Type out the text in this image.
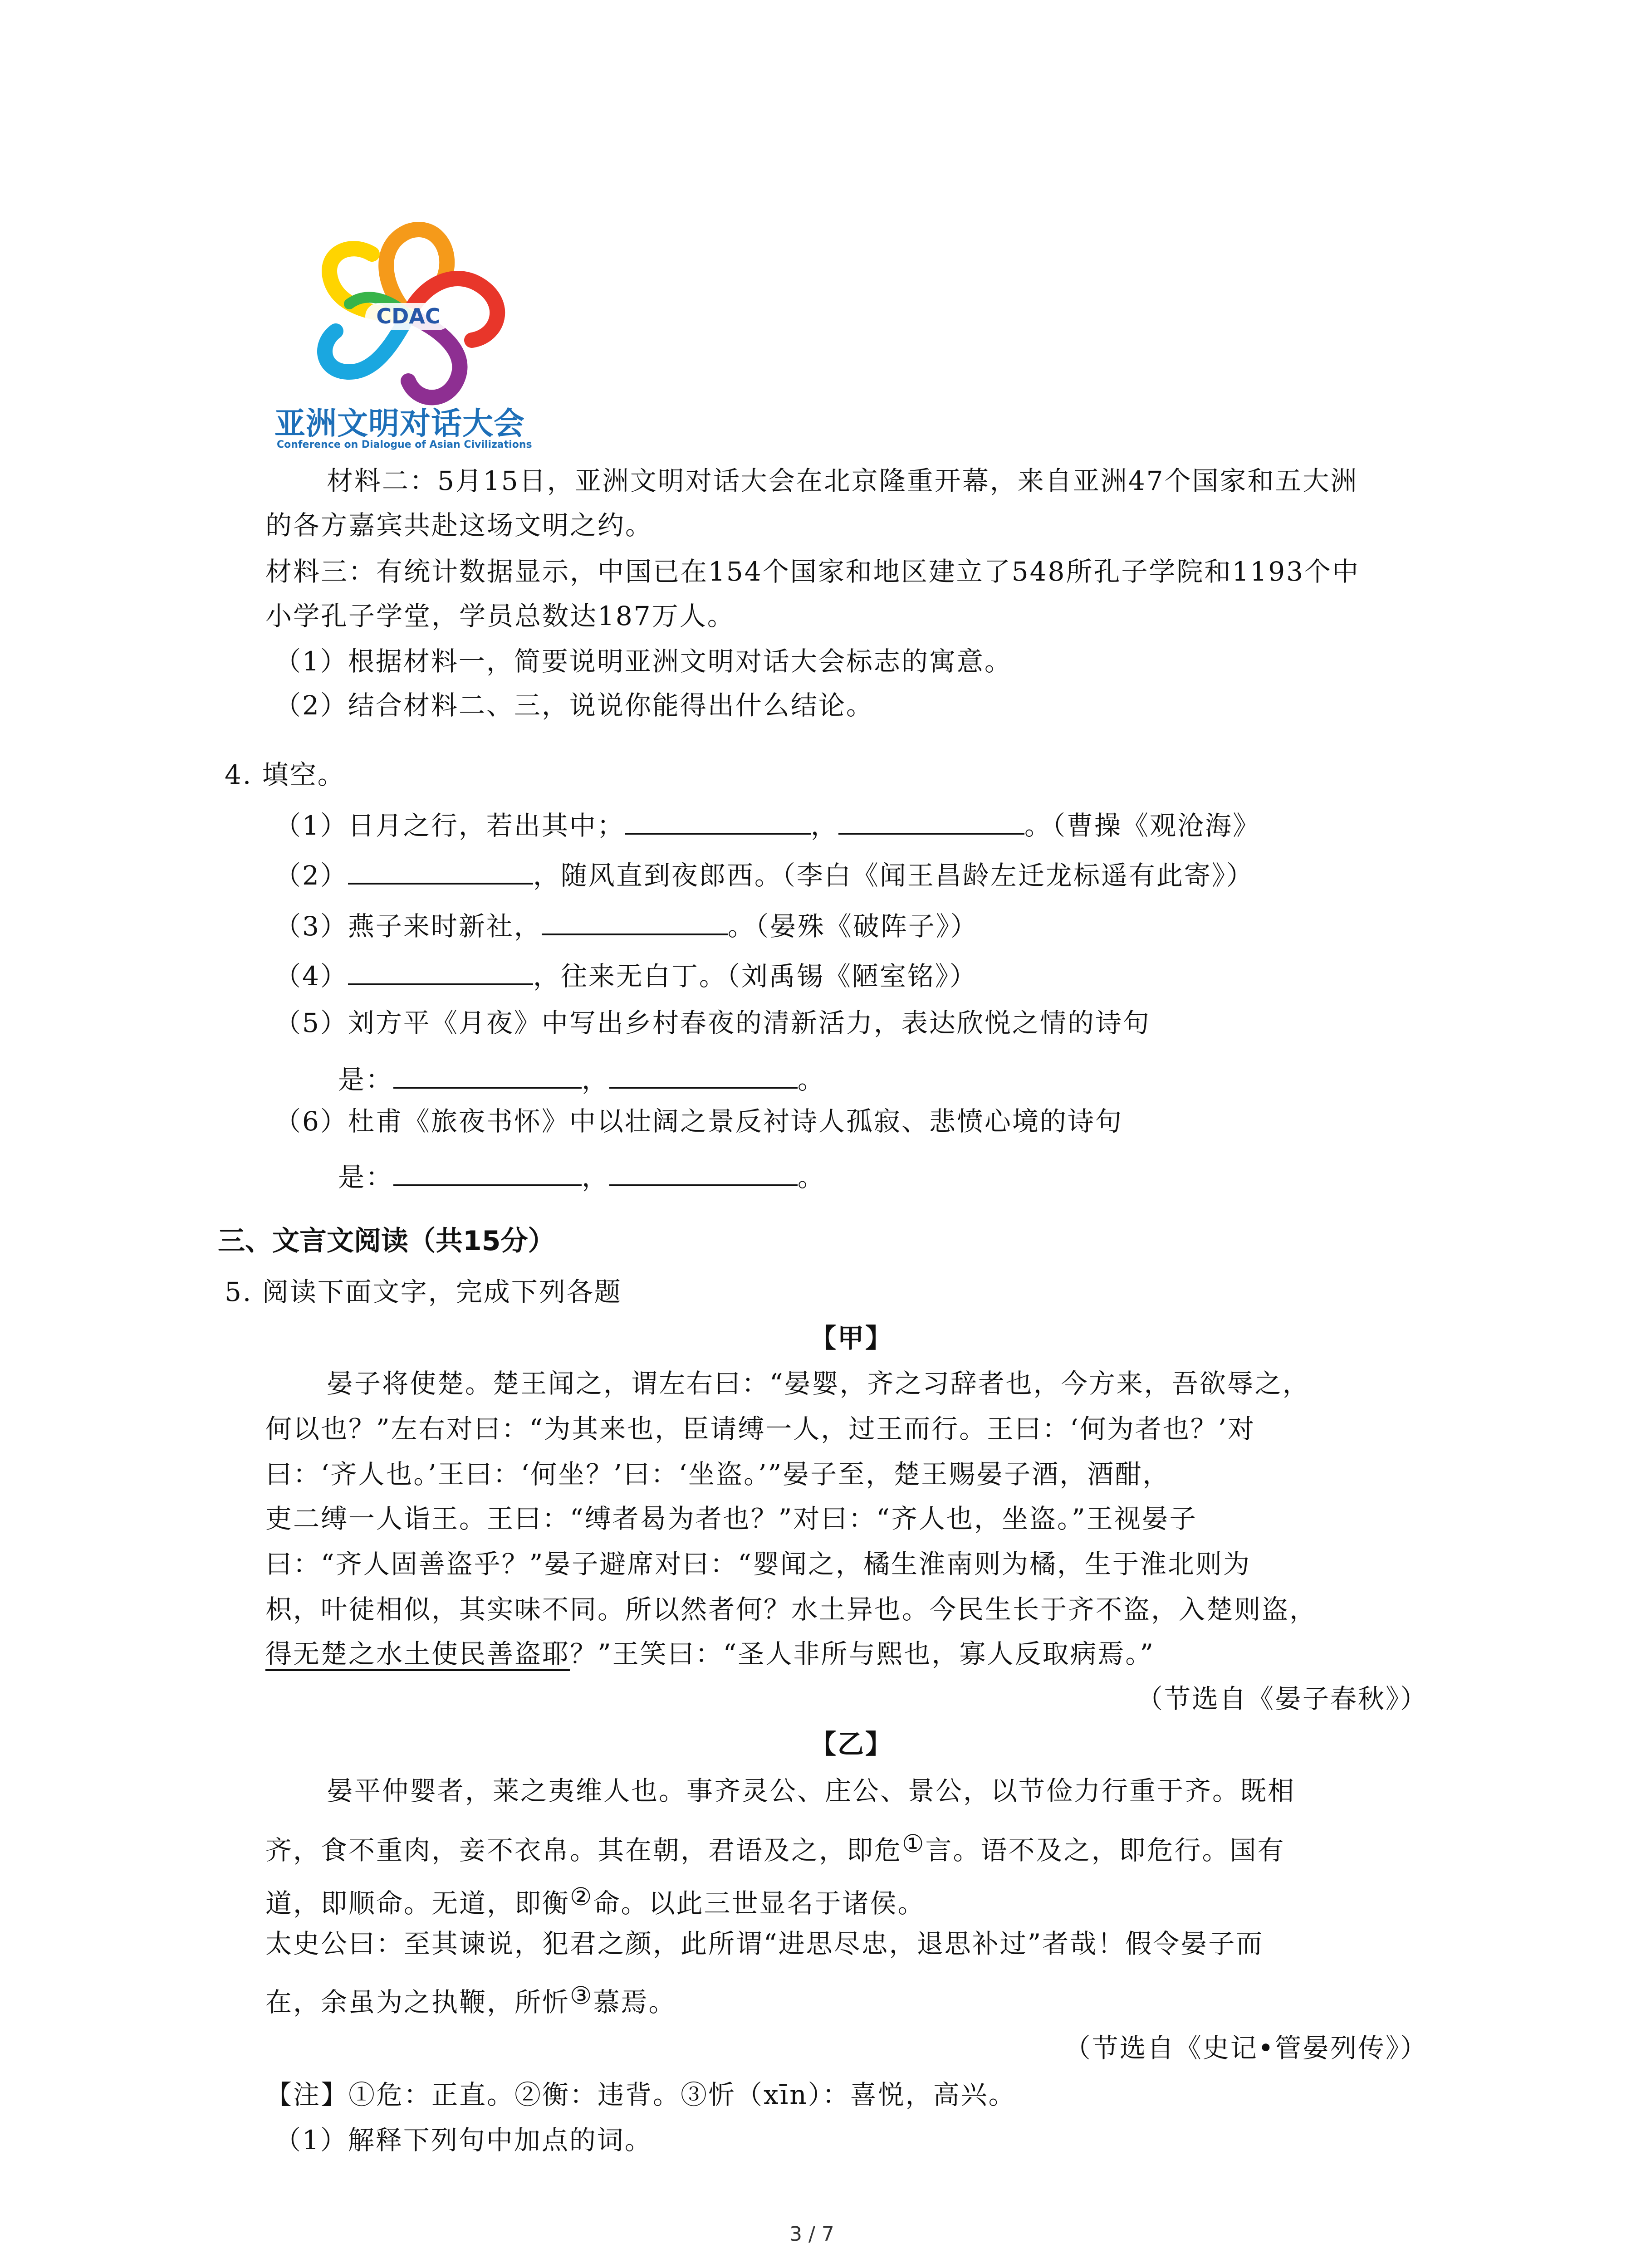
CDAC
亚洲文明对话大会
Conference on Dialogue of Asian Civilizations
材料二：5月15日，亚洲文明对话大会在北京隆重开幕，来自亚洲47个国家和五大洲
的各方嘉宾共赴这场文明之约。
材料三：有统计数据显示，中国已在154个国家和地区建立了548所孔子学院和1193个中
小学孔子学堂，学员总数达187万人。
（1）根据材料一，简要说明亚洲文明对话大会标志的寓意。
（2）结合材料二、三，说说你能得出什么结论。
4. 填空。
（1）日月之行，若出其中；	，	。（曹操《观沧海》
（2）	，随风直到夜郎西。（李白《闻王昌龄左迁龙标遥有此寄》）
（3）燕子来时新社，	。（晏殊《破阵子》）
（4）	，往来无白丁。（刘禹锡《陋室铭》）
（5）刘方平《月夜》中写出乡村春夜的清新活力，表达欣悦之情的诗句
是：	，	。
（6）杜甫《旅夜书怀》中以壮阔之景反衬诗人孤寂、悲愤心境的诗句
是：	，	。
三、文言文阅读（共15分）
5. 阅读下面文字，完成下列各题
【甲】
晏子将使楚。楚王闻之，谓左右曰：“晏婴，齐之习辞者也，今方来，吾欲辱之，
何以也？”左右对曰：“为其来也，臣请缚一人，过王而行。王曰：‘何为者也？’对
曰：‘齐人也。’王曰：‘何坐？’曰：‘坐盗。’”晏子至，楚王赐晏子酒，酒酣，
吏二缚一人诣王。王曰：“缚者曷为者也？”对曰：“齐人也，坐盗。”王视晏子
曰：“齐人固善盗乎？”晏子避席对曰：“婴闻之，橘生淮南则为橘，生于淮北则为
枳，叶徒相似，其实味不同。所以然者何？水土异也。今民生长于齐不盗，入楚则盗，
得无楚之水土使民善盗耶？”王笑曰：“圣人非所与熙也，寡人反取病焉。”
（节选自《晏子春秋》）
【乙】
晏平仲婴者，莱之夷维人也。事齐灵公、庄公、景公，以节俭力行重于齐。既相
齐，食不重肉，妾不衣帛。其在朝，君语及之，即危①言。语不及之，即危行。国有
道，即顺命。无道，即衡②命。以此三世显名于诸侯。
太史公曰：至其谏说，犯君之颜，此所谓“进思尽忠，退思补过”者哉！假令晏子而
在，余虽为之执鞭，所忻③慕焉。
（节选自《史记•管晏列传》）
【注】①危：正直。②衡：违背。③忻（xīn）：喜悦，高兴。
（1）解释下列句中加点的词。
3 / 7
